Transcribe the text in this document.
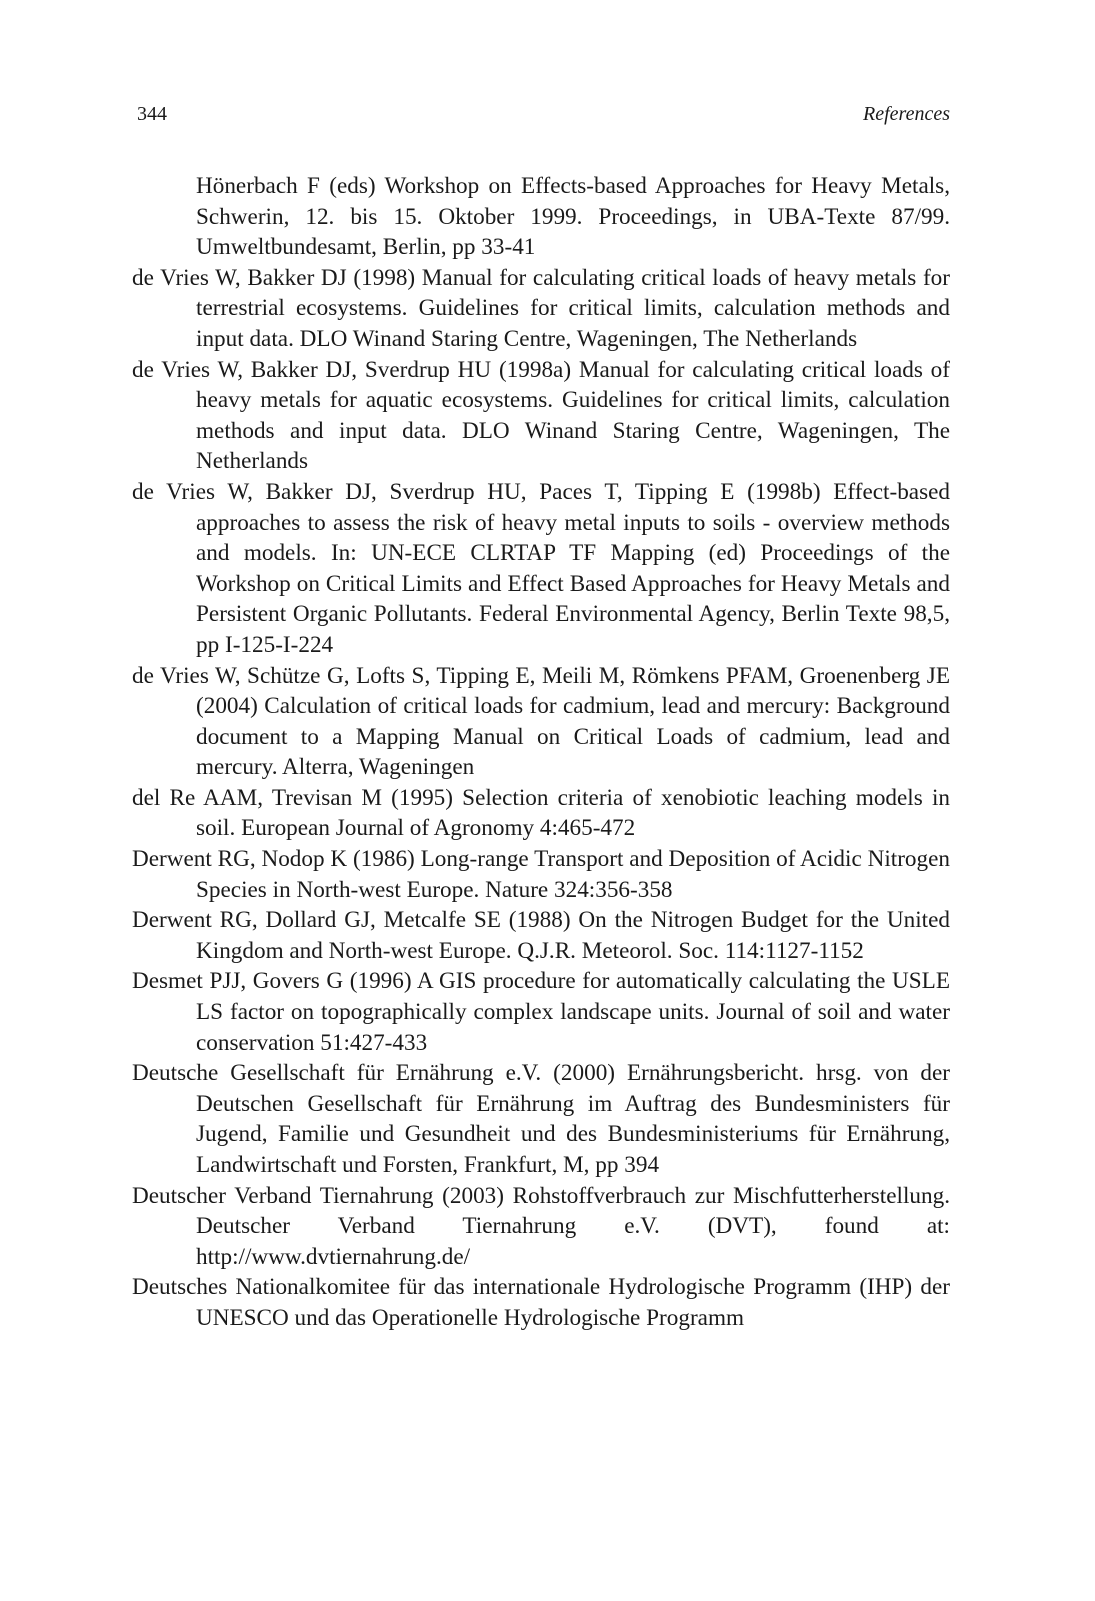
344	References

Hönerbach F (eds) Workshop on Effects-based Approaches for Heavy Metals, Schwerin, 12. bis 15. Oktober 1999. Proceedings, in UBA-Texte 87/99. Umweltbundesamt, Berlin, pp 33-41

de Vries W, Bakker DJ (1998) Manual for calculating critical loads of heavy metals for terrestrial ecosystems. Guidelines for critical limits, calculation methods and input data. DLO Winand Staring Centre, Wageningen, The Netherlands

de Vries W, Bakker DJ, Sverdrup HU (1998a) Manual for calculating critical loads of heavy metals for aquatic ecosystems. Guidelines for critical limits, calculation methods and input data. DLO Winand Staring Centre, Wageningen, The Netherlands

de Vries W, Bakker DJ, Sverdrup HU, Paces T, Tipping E (1998b) Effect-based approaches to assess the risk of heavy metal inputs to soils - overview methods and models. In: UN-ECE CLRTAP TF Mapping (ed) Proceedings of the Workshop on Critical Limits and Effect Based Approaches for Heavy Metals and Persistent Organic Pollutants. Federal Environmental Agency, Berlin Texte 98,5, pp I-125-I-224

de Vries W, Schütze G, Lofts S, Tipping E, Meili M, Römkens PFAM, Groenenberg JE (2004) Calculation of critical loads for cadmium, lead and mercury: Background document to a Mapping Manual on Critical Loads of cadmium, lead and mercury. Alterra, Wageningen

del Re AAM, Trevisan M (1995) Selection criteria of xenobiotic leaching models in soil. European Journal of Agronomy 4:465-472

Derwent RG, Nodop K (1986) Long-range Transport and Deposition of Acidic Nitrogen Species in North-west Europe. Nature 324:356-358

Derwent RG, Dollard GJ, Metcalfe SE (1988) On the Nitrogen Budget for the United Kingdom and North-west Europe. Q.J.R. Meteorol. Soc. 114:1127-1152

Desmet PJJ, Govers G (1996) A GIS procedure for automatically calculating the USLE LS factor on topographically complex landscape units. Journal of soil and water conservation 51:427-433

Deutsche Gesellschaft für Ernährung e.V. (2000) Ernährungsbericht. hrsg. von der Deutschen Gesellschaft für Ernährung im Auftrag des Bundesministers für Jugend, Familie und Gesundheit und des Bundesministeriums für Ernährung, Landwirtschaft und Forsten, Frankfurt, M, pp 394

Deutscher Verband Tiernahrung (2003) Rohstoffverbrauch zur Mischfutterherstellung. Deutscher Verband Tiernahrung e.V. (DVT), found at: http://www.dvtiernahrung.de/

Deutsches Nationalkomitee für das internationale Hydrologische Programm (IHP) der UNESCO und das Operationelle Hydrologische Programm
